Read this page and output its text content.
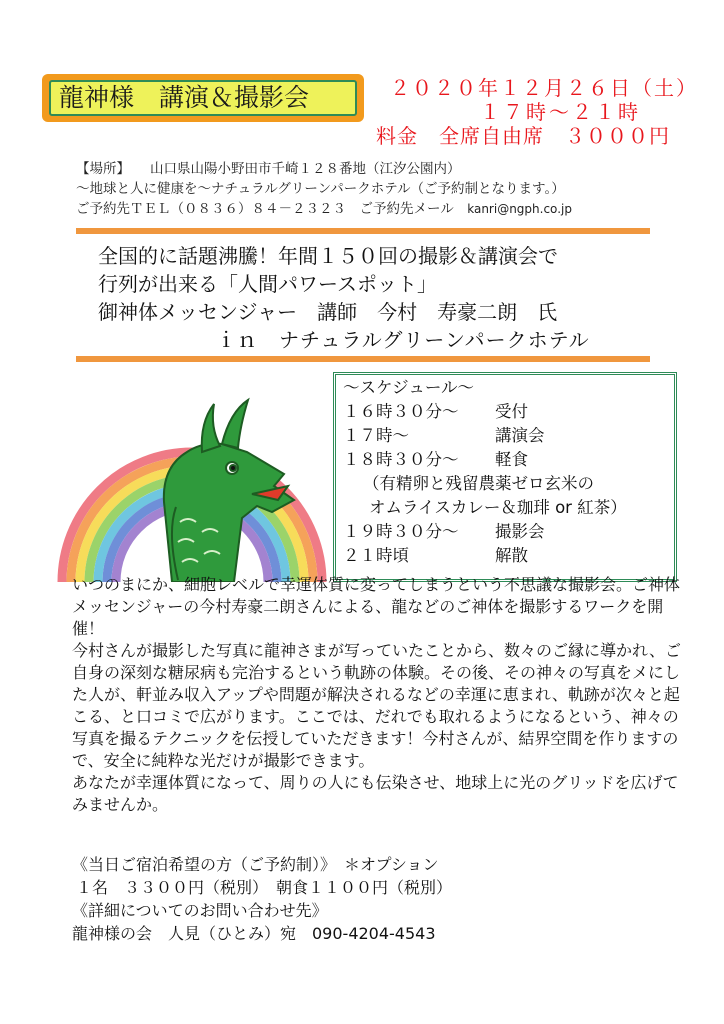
龍神様　講演＆撮影会	２０２０年１２月２６日（土）
１７時～２１時
料金　全席自由席　３０００円
【場所】 山口県山陽小野田市千崎１２８番地（江汐公園内）
～地球と人に健康を～ナチュラルグリーンパークホテル（ご予約制となります。）
ご予約先ＴＥＬ（０８３６）８４－２３２３　 ご予約先メール　 kanri@ngph.co.jp
全国的に話題沸騰！年間１５０回の撮影＆講演会で
行列が出来る「人間パワースポット」
御神体メッセンジャー　講師　今村　寿豪二朗　氏
ｉｎ　ナチュラルグリーンパークホテル
～スケジュール～
１６時３０分～ 受付
１７時～	講演会
１８時３０分～ 軽食
（有精卵と残留農薬ゼロ玄米の
オムライスカレー＆珈琲 or 紅茶）
１９時３０分～ 撮影会
２１時頃	解散

いつのまにか、細胞レベルで幸運体質に変ってしまうという不思議な撮影会。ご神体メッセンジャーの今村寿豪二朗さんによる、龍などのご神体を撮影するワークを開催！

今村さんが撮影した写真に龍神さまが写っていたことから、数々のご縁に導かれ、ご自身の深刻な糖尿病も完治するという軌跡の体験。その後、その神々の写真をメにした人が、軒並み収入アップや問題が解決されるなどの幸運に恵まれ、軌跡が次々と起こる、と口コミで広がります。ここでは、だれでも取れるようになるという、神々の写真を撮るテクニックを伝授していただきます！今村さんが、結界空間を作りますので、安全に純粋な光だけが撮影できます。

あなたが幸運体質になって、周りの人にも伝染させ、地球上に光のグリッドを広げてみませんか。

《当日ご宿泊希望の方（ご予約制）》　＊オプション
１名　３３００円（税別）　朝食１１００円（税別）
《詳細についてのお問い合わせ先》
龍神様の会　人見（ひとみ）宛　090-4204-4543
